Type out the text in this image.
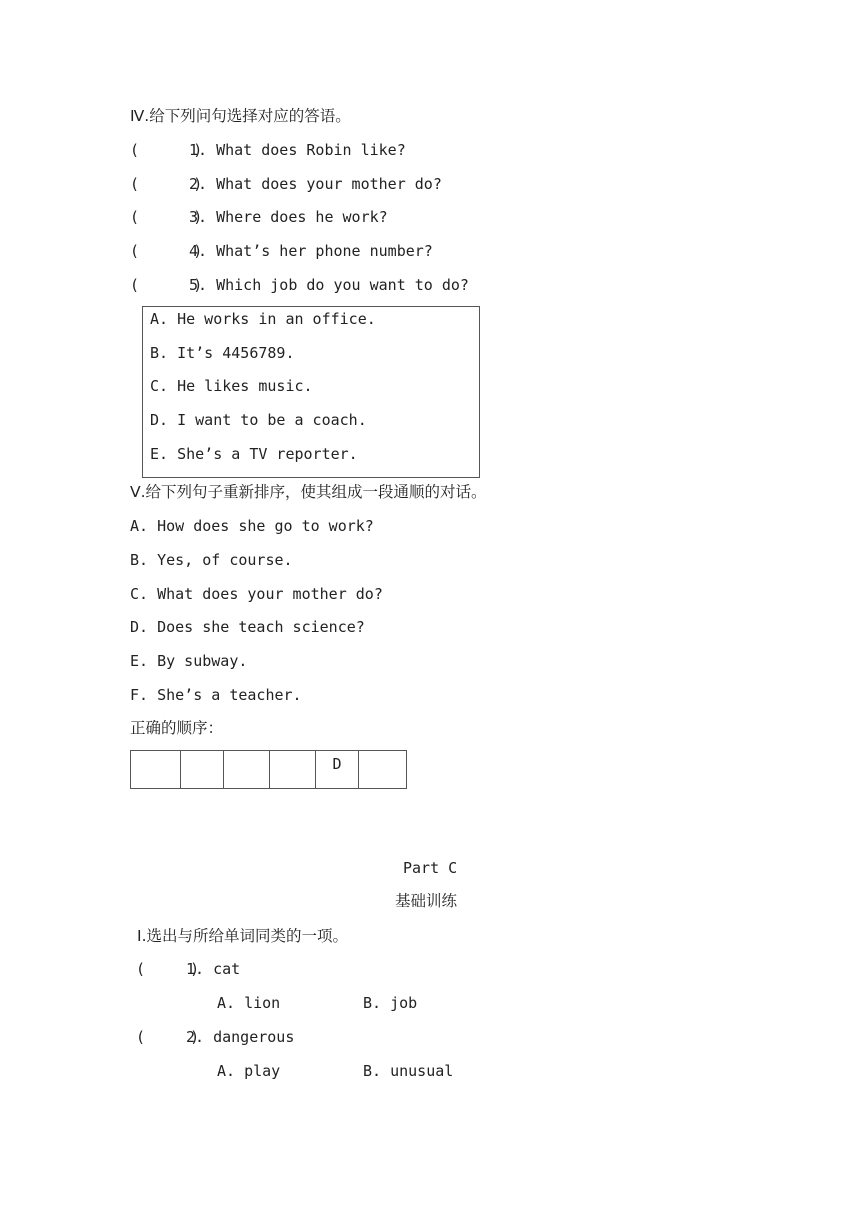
Ⅳ.给下列问句选择对应的答语。
(      )
1. What does Robin like?
(      )
2. What does your mother do?
(      )
3. Where does he work?
(      )
4. What’s her phone number?
(      )
5. Which job do you want to do?
A. He works in an office.
B. It’s 4456789.
C. He likes music.
D. I want to be a coach.
E. She’s a TV reporter.
Ⅴ.给下列句子重新排序，使其组成一段通顺的对话。
A. How does she go to work?
B. Yes, of course.
C. What does your mother do?
D. Does she teach science?
E. By subway.
F. She’s a teacher.
正确的顺序：
				D	
Part C
基础训练
Ⅰ.选出与所给单词同类的一项。
(     )
1. cat
A. lion	B. job
(     )
2. dangerous
A. play	B. unusual
